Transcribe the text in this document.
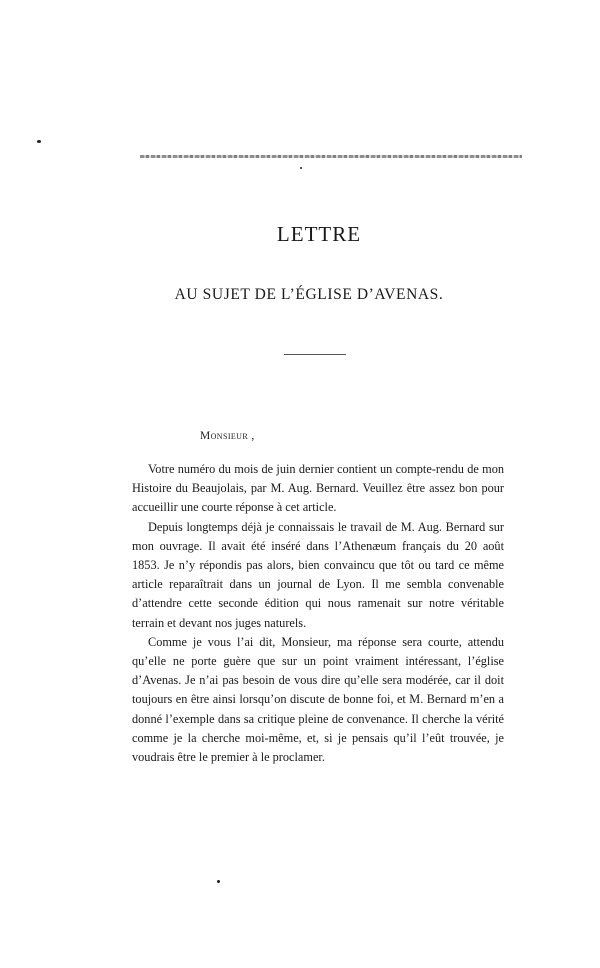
LETTRE
AU SUJET DE L’ÉGLISE D’AVENAS.

Monsieur ,

Votre numéro du mois de juin dernier contient un compte-rendu de mon Histoire du Beaujolais, par M. Aug. Bernard. Veuillez être assez bon pour accueillir une courte réponse à cet article.

Depuis longtemps déjà je connaissais le travail de M. Aug. Bernard sur mon ouvrage. Il avait été inséré dans l’Athenæum français du 20 août 1853. Je n’y répondis pas alors, bien convaincu que tôt ou tard ce même article reparaîtrait dans un journal de Lyon. Il me sembla convenable d’attendre cette seconde édition qui nous ramenait sur notre véritable terrain et devant nos juges naturels.

Comme je vous l’ai dit, Monsieur, ma réponse sera courte, attendu qu’elle ne porte guère que sur un point vraiment intéressant, l’église d’Avenas. Je n’ai pas besoin de vous dire qu’elle sera modérée, car il doit toujours en être ainsi lorsqu’on discute de bonne foi, et M. Bernard m’en a donné l’exemple dans sa critique pleine de convenance. Il cherche la vérité comme je la cherche moi-même, et, si je pensais qu’il l’eût trouvée, je voudrais être le premier à le proclamer.
